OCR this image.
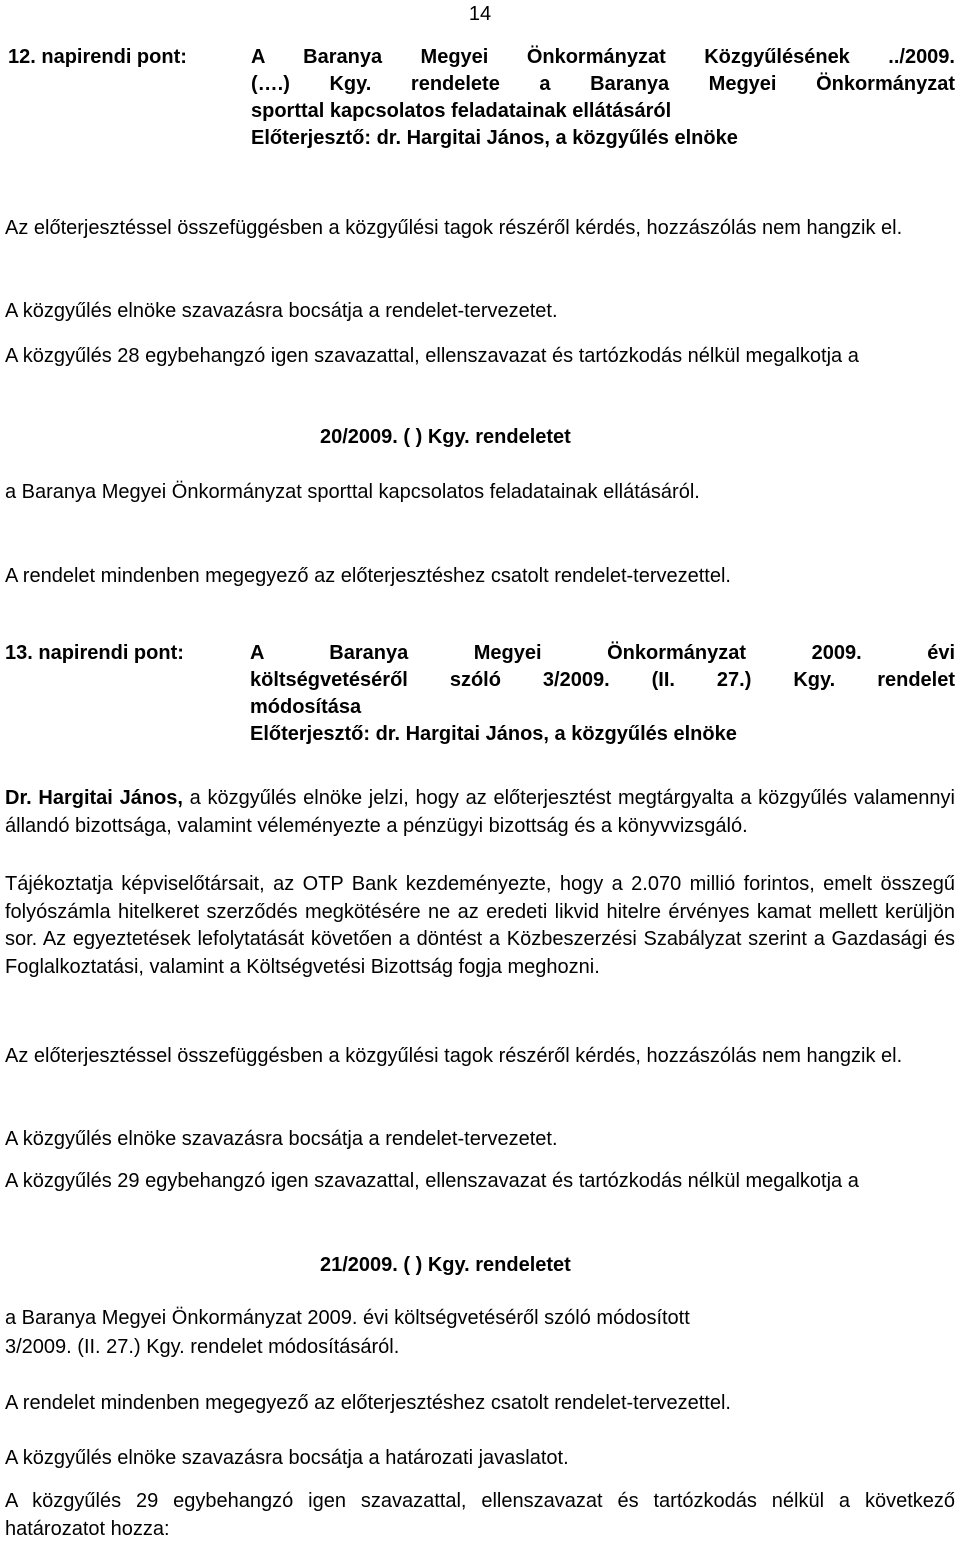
14
12. napirendi pont:	A Baranya Megyei Önkormányzat Közgyűlésének ../2009.
(….) Kgy. rendelete a Baranya Megyei Önkormányzat
sporttal kapcsolatos feladatainak ellátásáról
Előterjesztő: dr. Hargitai János, a közgyűlés elnöke
Az előterjesztéssel összefüggésben a közgyűlési tagok részéről kérdés, hozzászólás nem hangzik el.
A közgyűlés elnöke szavazásra bocsátja a rendelet-tervezetet.
A közgyűlés 28 egybehangzó igen szavazattal, ellenszavazat és tartózkodás nélkül megalkotja a
20/2009. ( ) Kgy. rendeletet
a Baranya Megyei Önkormányzat sporttal kapcsolatos feladatainak ellátásáról.
A rendelet mindenben megegyező az előterjesztéshez csatolt rendelet-tervezettel.
13. napirendi pont:	A Baranya Megyei Önkormányzat 2009. évi
költségvetéséről szóló 3/2009. (II. 27.) Kgy. rendelet
módosítása
Előterjesztő: dr. Hargitai János, a közgyűlés elnöke
Dr. Hargitai János, a közgyűlés elnöke jelzi, hogy az előterjesztést megtárgyalta a közgyűlés valamennyi állandó bizottsága, valamint véleményezte a pénzügyi bizottság és a könyvvizsgáló.
Tájékoztatja képviselőtársait, az OTP Bank kezdeményezte, hogy a 2.070 millió forintos, emelt összegű folyószámla hitelkeret szerződés megkötésére ne az eredeti likvid hitelre érvényes kamat mellett kerüljön sor. Az egyeztetések lefolytatását követően a döntést a Közbeszerzési Szabályzat szerint a Gazdasági és Foglalkoztatási, valamint a Költségvetési Bizottság fogja meghozni.
Az előterjesztéssel összefüggésben a közgyűlési tagok részéről kérdés, hozzászólás nem hangzik el.
A közgyűlés elnöke szavazásra bocsátja a rendelet-tervezetet.
A közgyűlés 29 egybehangzó igen szavazattal, ellenszavazat és tartózkodás nélkül megalkotja a
21/2009. ( ) Kgy. rendeletet
a Baranya Megyei Önkormányzat 2009. évi költségvetéséről szóló módosított
3/2009. (II. 27.) Kgy. rendelet módosításáról.
A rendelet mindenben megegyező az előterjesztéshez csatolt rendelet-tervezettel.
A közgyűlés elnöke szavazásra bocsátja a határozati javaslatot.
A közgyűlés 29 egybehangzó igen szavazattal, ellenszavazat és tartózkodás nélkül a következő határozatot hozza:
